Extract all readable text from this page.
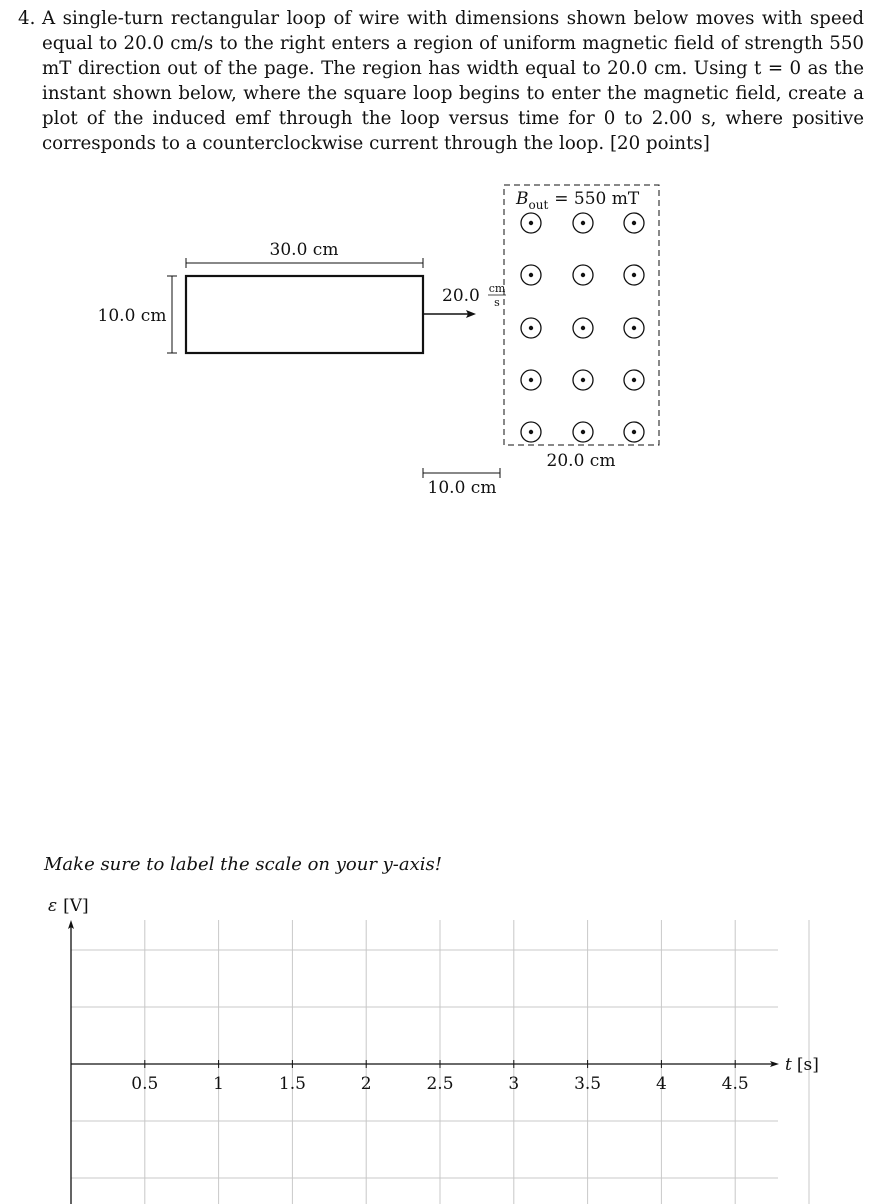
4. A single-turn rectangular loop of wire with dimensions shown below moves with speed equal to 20.0 cm/s to the right enters a region of uniform magnetic field of strength 550 mT direction out of the page. The region has width equal to 20.0 cm. Using t = 0 as the instant shown below, where the square loop begins to enter the magnetic field, create a plot of the induced emf through the loop versus time for 0 to 2.00 s, where positive corresponds to a counterclockwise current through the loop. [20 points]
30.0 cm
10.0 cm
20.0 cm
s
$B_{out} = 550$ mT
20.0 cm
10.0 cm
Make sure to label the scale on your y-axis!
ε [V]
t [s]
0.5	1	1.5	2	2.5	3	3.5	4	4.5
